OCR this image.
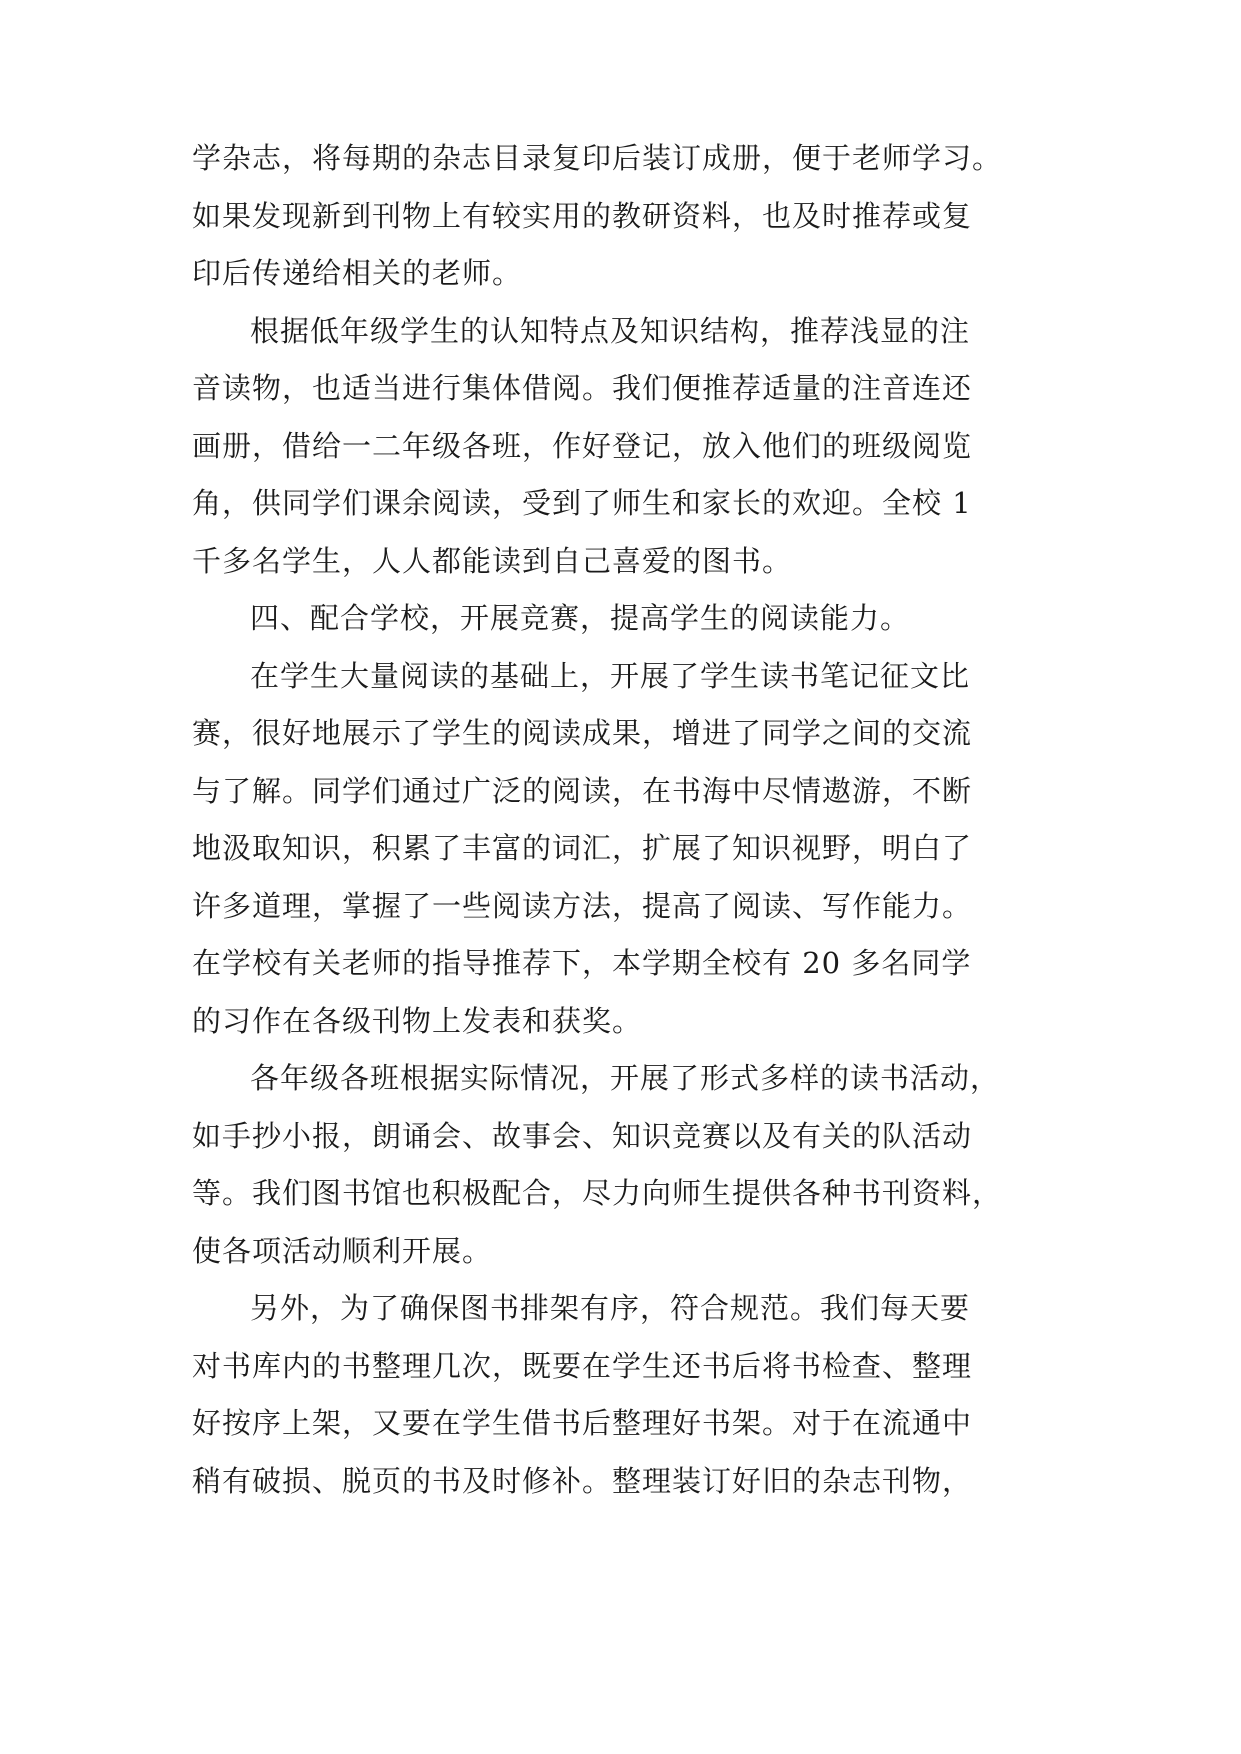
学杂志，将每期的杂志目录复印后装订成册，便于老师学习。
如果发现新到刊物上有较实用的教研资料，也及时推荐或复
印后传递给相关的老师。
根据低年级学生的认知特点及知识结构，推荐浅显的注
音读物，也适当进行集体借阅。我们便推荐适量的注音连还
画册，借给一二年级各班，作好登记，放入他们的班级阅览
角，供同学们课余阅读，受到了师生和家长的欢迎。全校 1
千多名学生，人人都能读到自己喜爱的图书。
四、配合学校，开展竞赛，提高学生的阅读能力。
在学生大量阅读的基础上，开展了学生读书笔记征文比
赛，很好地展示了学生的阅读成果，增进了同学之间的交流
与了解。同学们通过广泛的阅读，在书海中尽情遨游，不断
地汲取知识，积累了丰富的词汇，扩展了知识视野，明白了
许多道理，掌握了一些阅读方法，提高了阅读、写作能力。
在学校有关老师的指导推荐下，本学期全校有 20 多名同学
的习作在各级刊物上发表和获奖。
各年级各班根据实际情况，开展了形式多样的读书活动，
如手抄小报，朗诵会、故事会、知识竞赛以及有关的队活动
等。我们图书馆也积极配合，尽力向师生提供各种书刊资料，
使各项活动顺利开展。
另外，为了确保图书排架有序，符合规范。我们每天要
对书库内的书整理几次，既要在学生还书后将书检查、整理
好按序上架，又要在学生借书后整理好书架。对于在流通中
稍有破损、脱页的书及时修补。整理装订好旧的杂志刊物，
